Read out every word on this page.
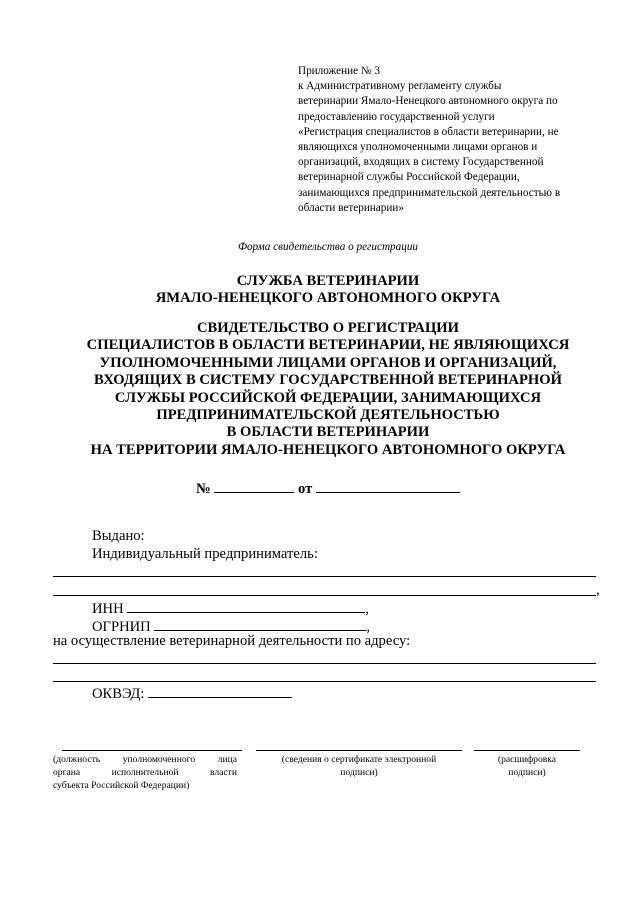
Приложение № 3
к Административному регламенту службы
ветеринарии Ямало-Ненецкого автономного округа по
предоставлению государственной услуги
«Регистрация специалистов в области ветеринарии, не
являющихся уполномоченными лицами органов и
организаций, входящих в систему Государственной
ветеринарной службы Российской Федерации,
занимающихся предпринимательской деятельностью в
области ветеринарии»
Форма свидетельства о регистрации
СЛУЖБА ВЕТЕРИНАРИИ
ЯМАЛО-НЕНЕЦКОГО АВТОНОМНОГО ОКРУГА
СВИДЕТЕЛЬСТВО О РЕГИСТРАЦИИ
СПЕЦИАЛИСТОВ В ОБЛАСТИ ВЕТЕРИНАРИИ, НЕ ЯВЛЯЮЩИХСЯ
УПОЛНОМОЧЕННЫМИ ЛИЦАМИ ОРГАНОВ И ОРГАНИЗАЦИЙ,
ВХОДЯЩИХ В СИСТЕМУ ГОСУДАРСТВЕННОЙ ВЕТЕРИНАРНОЙ
СЛУЖБЫ РОССИЙСКОЙ ФЕДЕРАЦИИ, ЗАНИМАЮЩИХСЯ
ПРЕДПРИНИМАТЕЛЬСКОЙ ДЕЯТЕЛЬНОСТЬЮ
В ОБЛАСТИ ВЕТЕРИНАРИИ
НА ТЕРРИТОРИИ ЯМАЛО-НЕНЕЦКОГО АВТОНОМНОГО ОКРУГА
№	от
Выдано:
Индивидуальный предприниматель:
,
ИНН	,
ОГРНИП	,
на осуществление ветеринарной деятельности по адресу:
ОКВЭД:
(должность уполномоченного лица
органа	исполнительной	власти
субъекта Российской Федерации)
(сведения о сертификате электронной
подписи)
(расшифровка
подписи)
